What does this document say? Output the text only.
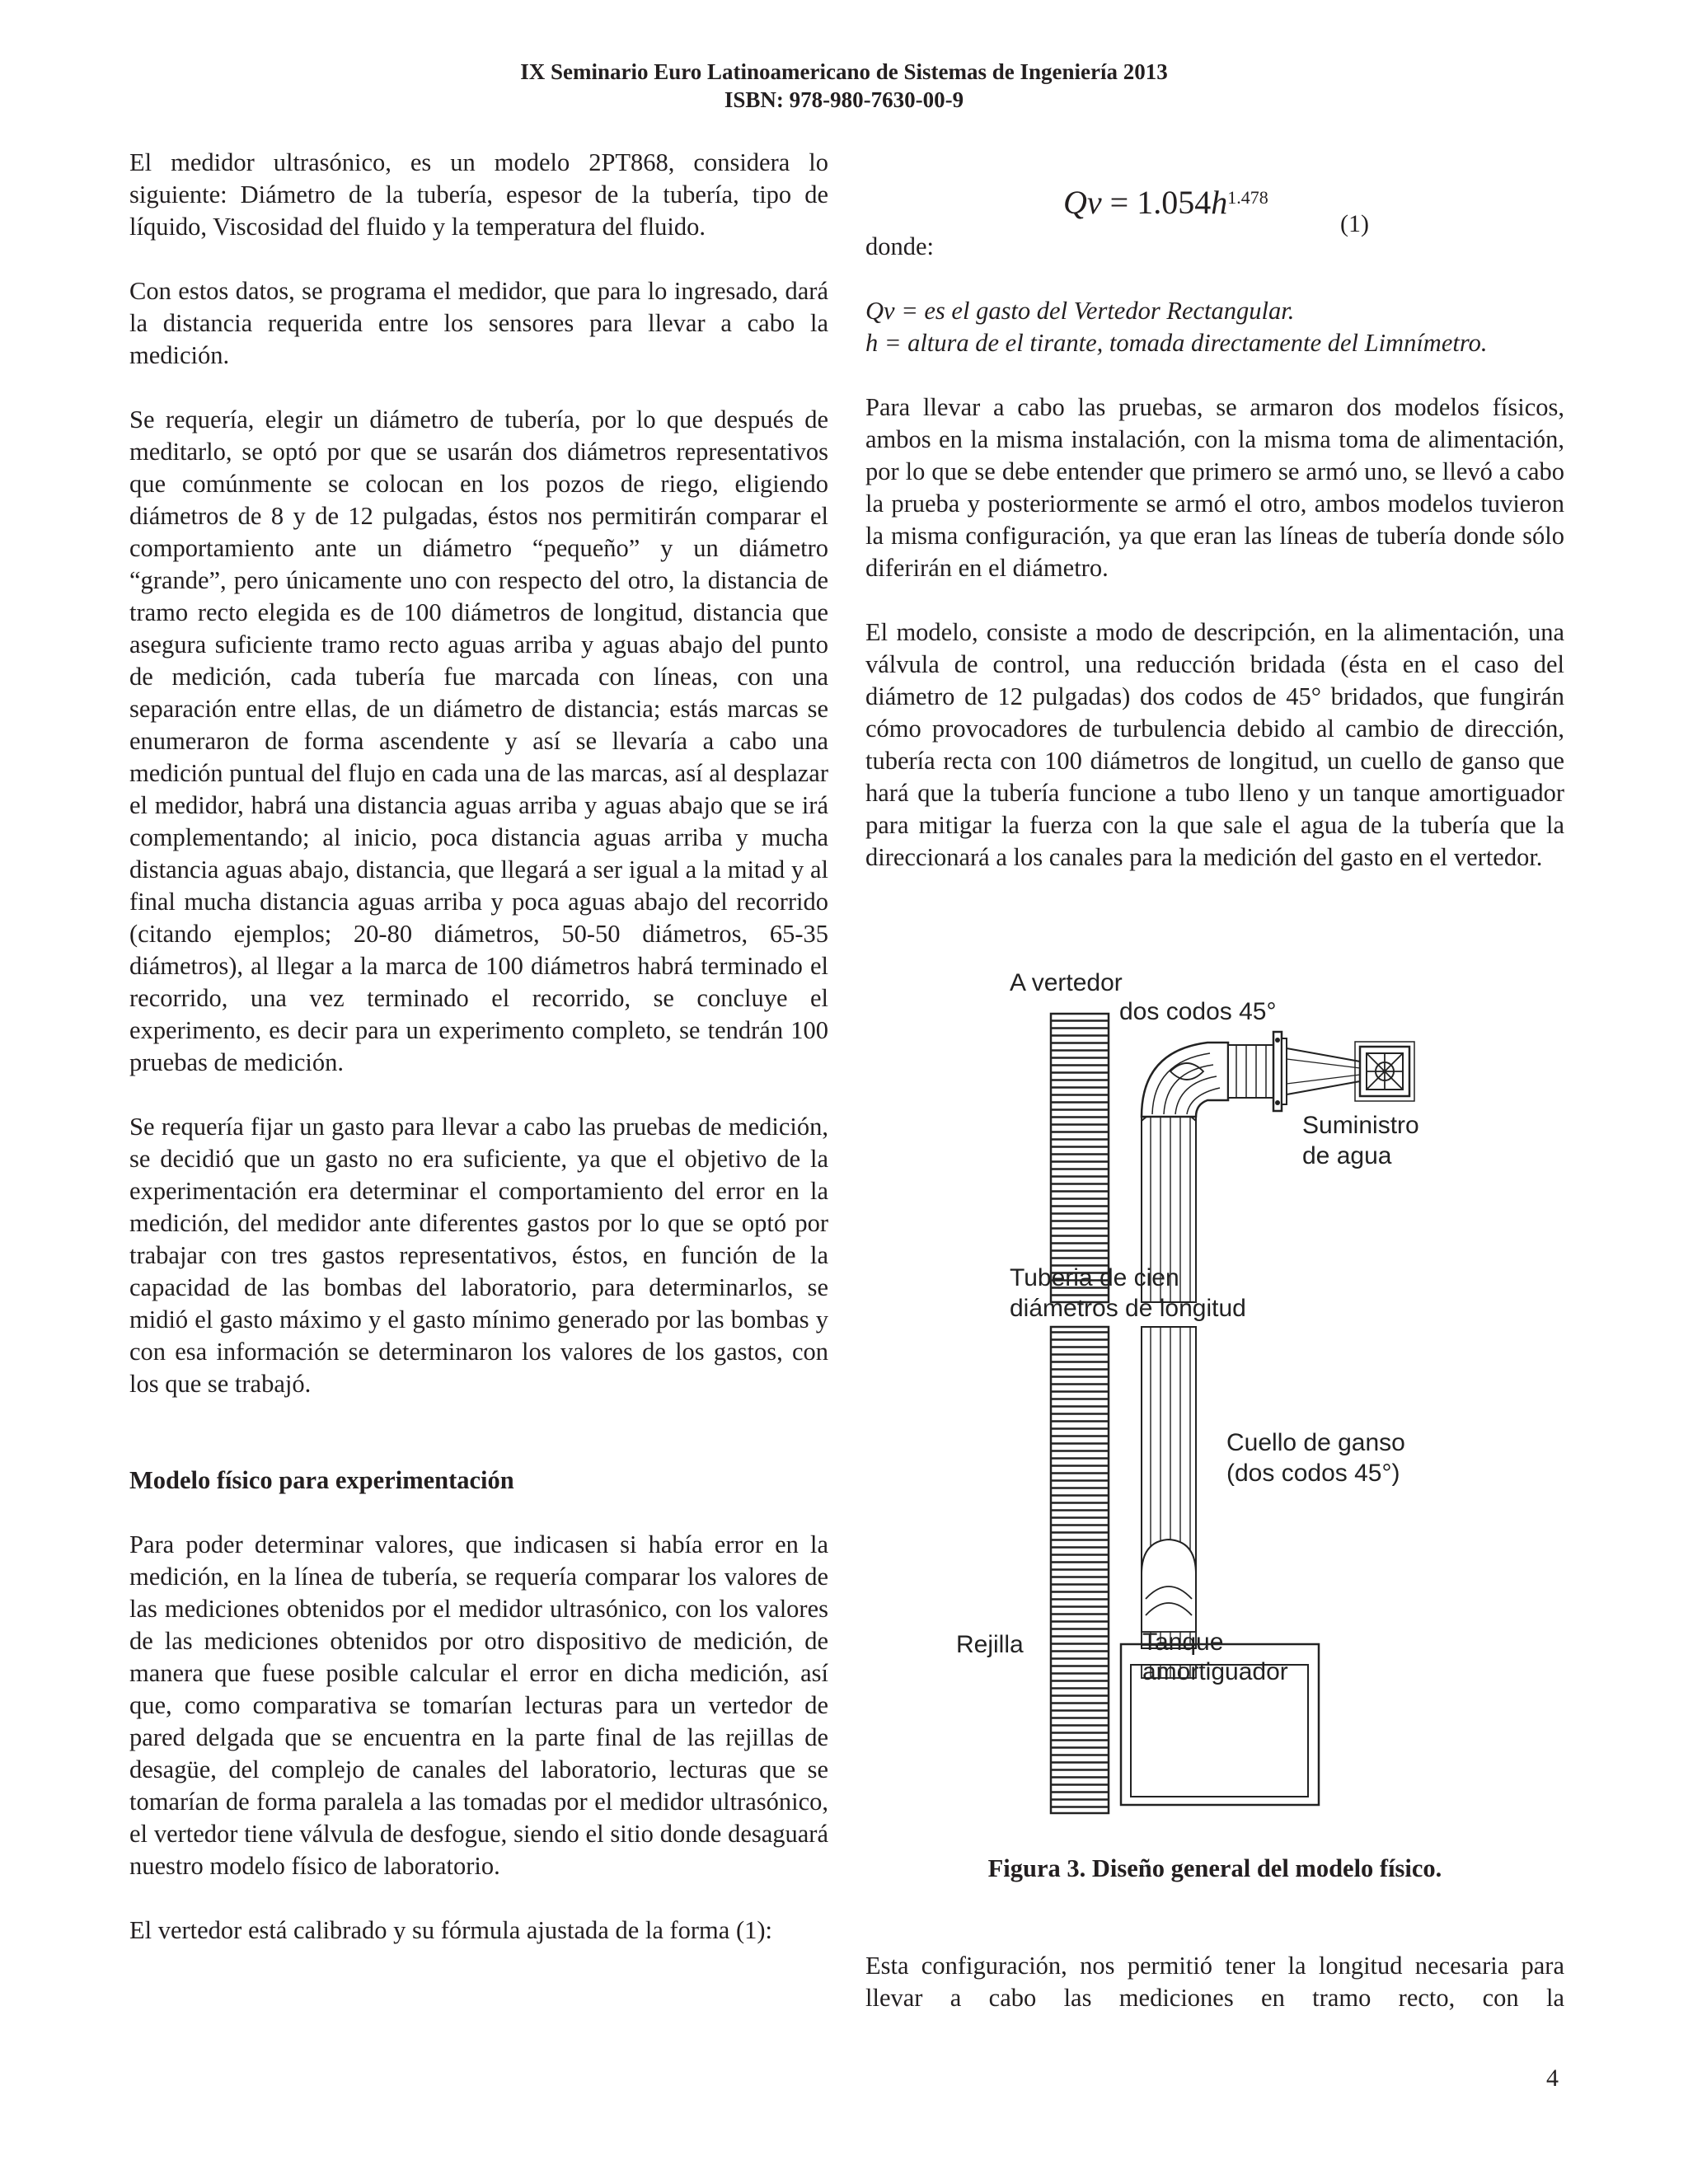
IX Seminario Euro Latinoamericano de Sistemas de Ingeniería 2013
ISBN: 978-980-7630-00-9

El medidor ultrasónico, es un modelo 2PT868, considera lo siguiente: Diámetro de la tubería, espesor de la tubería, tipo de líquido, Viscosidad del fluido y la temperatura del fluido.

Con estos datos, se programa el medidor, que para lo ingresado, dará la distancia requerida entre los sensores para llevar a cabo la medición.

Se requería, elegir un diámetro de tubería, por lo que después de meditarlo, se optó por que se usarán dos diámetros representativos que comúnmente se colocan en los pozos de riego, eligiendo diámetros de 8 y de 12 pulgadas, éstos nos permitirán comparar el comportamiento ante un diámetro “pequeño” y un diámetro “grande”, pero únicamente uno con respecto del otro, la distancia de tramo recto elegida es de 100 diámetros de longitud, distancia que asegura suficiente tramo recto aguas arriba y aguas abajo del punto de medición, cada tubería fue marcada con líneas, con una separación entre ellas, de un diámetro de distancia; estás marcas se enumeraron de forma ascendente y así se llevaría a cabo una medición puntual del flujo en cada una de las marcas, así al desplazar el medidor, habrá una distancia aguas arriba y aguas abajo que se irá complementando; al inicio, poca distancia aguas arriba y mucha distancia aguas abajo, distancia, que llegará a ser igual a la mitad y al final mucha distancia aguas arriba y poca aguas abajo del recorrido (citando ejemplos; 20-80 diámetros, 50-50 diámetros, 65-35 diámetros), al llegar a la marca de 100 diámetros habrá terminado el recorrido, una vez terminado el recorrido, se concluye el experimento, es decir para un experimento completo, se tendrán 100 pruebas de medición.

Se requería fijar un gasto para llevar a cabo las pruebas de medición, se decidió que un gasto no era suficiente, ya que el objetivo de la experimentación era determinar el comportamiento del error en la medición, del medidor ante diferentes gastos por lo que se optó por trabajar con tres gastos representativos, éstos, en función de la capacidad de las bombas del laboratorio, para determinarlos, se midió el gasto máximo y el gasto mínimo generado por las bombas y con esa información se determinaron los valores de los gastos, con los que se trabajó.

Modelo físico para experimentación

Para poder determinar valores, que indicasen si había error en la medición, en la línea de tubería, se requería comparar los valores de las mediciones obtenidos por el medidor ultrasónico, con los valores de las mediciones obtenidos por otro dispositivo de medición, de manera que fuese posible calcular el error en dicha medición, así que, como comparativa se tomarían lecturas para un vertedor de pared delgada que se encuentra en la parte final de las rejillas de desagüe, del complejo de canales del laboratorio, lecturas que se tomarían de forma paralela a las tomadas por el medidor ultrasónico, el vertedor tiene válvula de desfogue, siendo el sitio donde desaguará nuestro modelo físico de laboratorio.

El vertedor está calibrado y su fórmula ajustada de la forma (1):

$Qv = 1.054h^{1.478}$
(1)

donde:

Qv = es el gasto del Vertedor Rectangular.

h = altura de el tirante, tomada directamente del Limnímetro.

Para llevar a cabo las pruebas, se armaron dos modelos físicos, ambos en la misma instalación, con la misma toma de alimentación, por lo que se debe entender que primero se armó uno, se llevó a cabo la prueba y posteriormente se armó el otro, ambos modelos tuvieron la misma configuración, ya que eran las líneas de tubería donde sólo diferirán en el diámetro.

El modelo, consiste a modo de descripción, en la alimentación, una válvula de control, una reducción bridada (ésta en el caso del diámetro de 12 pulgadas) dos codos de 45° bridados, que fungirán cómo provocadores de turbulencia debido al cambio de dirección, tubería recta con 100 diámetros de longitud, un cuello de ganso que hará que la tubería funcione a tubo lleno y un tanque amortiguador para mitigar la fuerza con la que sale el agua de la tubería que la direccionará a los canales para la medición del gasto en el vertedor.

A vertedor
dos codos 45°
Suministro
de agua
Tuberia de cien
diámetros de longitud
Cuello de ganso
(dos codos 45°)
Rejilla	Tanque
amortiguador
Figura 3. Diseño general del modelo físico.
Esta configuración, nos permitió tener la longitud necesaria para llevar a cabo las mediciones en tramo recto, con la
4
